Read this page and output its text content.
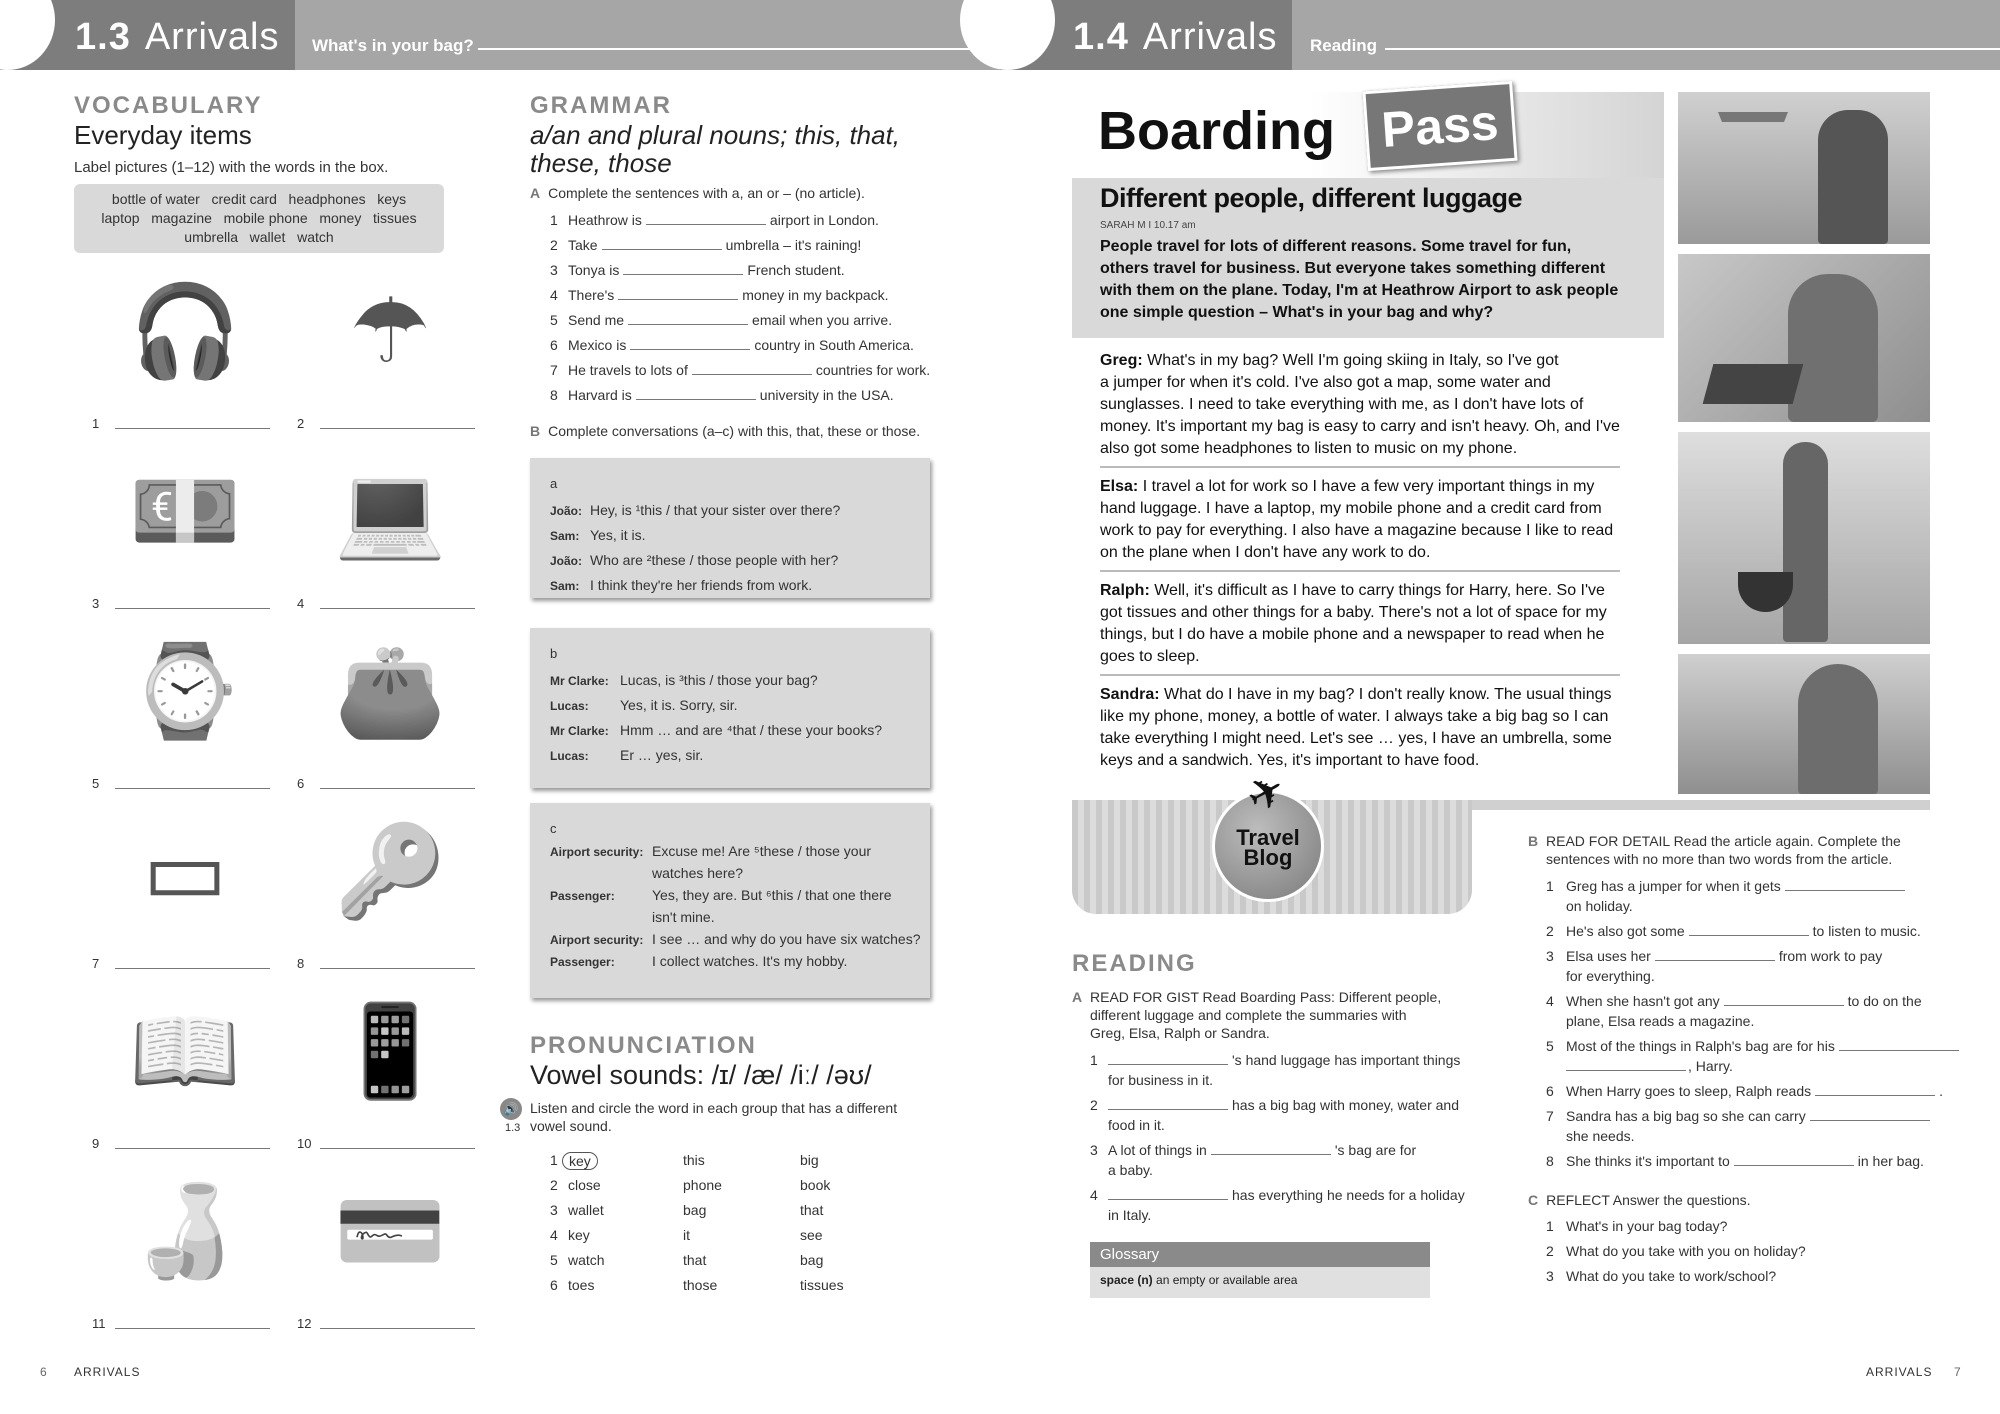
1.3 Arrivals What's in your bag?	1.4 Arrivals Reading
VOCABULARY
Everyday items
Label pictures (1–12) with the words in the box.
bottle of water   credit card   headphones   keys
laptop   magazine   mobile phone   money   tissues
umbrella   wallet   watch
GRAMMAR
a/an and plural nouns; this, that,
these, those
A Complete the sentences with a, an or – (no article).
B Complete conversations (a–c) with this, that, these or those.
a
João: Hey, is ¹this / that your sister over there?
Sam: Yes, it is.
João: Who are ²these / those people with her?
Sam: I think they're her friends from work.
b
Mr Clarke: Lucas, is ³this / those your bag?
Lucas: Yes, it is. Sorry, sir.
Mr Clarke: Hmm … and are ⁴that / these your books?
Lucas: Er … yes, sir.
c
Airport security: Excuse me! Are ⁵these / those your
watches here?
Passenger:	Yes, they are. But ⁶this / that one there
isn't mine.
Airport security: I see … and why do you have six watches?
Passenger:	I collect watches. It's my hobby.
PRONUNCIATION
Vowel sounds: /ɪ/ /æ/ /iː/ /əʊ/
🔊
1.3
Listen and circle the word in each group that has a different
vowel sound.
6 ARRIVALS
Boarding Pass
Different people, different luggage
SARAH M I 10.17 am
People travel for lots of different reasons. Some travel for fun,
others travel for business. But everyone takes something different
with them on the plane. Today, I'm at Heathrow Airport to ask people
one simple question – What's in your bag and why?
✈
Travel
Blog
READING
A READ FOR GIST Read Boarding Pass: Different people,
different luggage and complete the summaries with
Greg, Elsa, Ralph or Sandra.
Glossary
space (n) an empty or available area
B READ FOR DETAIL Read the article again. Complete the
sentences with no more than two words from the article.
C REFLECT Answer the questions.
ARRIVALS 7
🎧
1
☂
2
💶
3
💻
4
⌚
5
👛
6
▭
7
🔑
8
📖
9
📱
10
🍶
11
💳
12
1 Heathrow is	airport in London.
2 Take	umbrella – it's raining!
3 Tonya is	French student.
4 There's	money in my backpack.
5 Send me	email when you arrive.
6 Mexico is	country in South America.
7 He travels to lots of	countries for work.
8 Harvard is	university in the USA.
1 key	this	big
2 close	phone	book
3 wallet	bag	that
4 key	it	see
5 watch	that	bag
6 toes	those	tissues
Greg: What's in my bag? Well I'm going skiing in Italy, so I've got
a jumper for when it's cold. I've also got a map, some water and
sunglasses. I need to take everything with me, as I don't have lots of
money. It's important my bag is easy to carry and isn't heavy. Oh, and I've
also got some headphones to listen to music on my phone.
Elsa: I travel a lot for work so I have a few very important things in my
hand luggage. I have a laptop, my mobile phone and a credit card from
work to pay for everything. I also have a magazine because I like to read
on the plane when I don't have any work to do.
Ralph: Well, it's difficult as I have to carry things for Harry, here. So I've
got tissues and other things for a baby. There's not a lot of space for my
things, but I do have a mobile phone and a newspaper to read when he
goes to sleep.
Sandra: What do I have in my bag? I don't really know. The usual things
like my phone, money, a bottle of water. I always take a big bag so I can
take everything I might need. Let's see … yes, I have an umbrella, some
keys and a sandwich. Yes, it's important to have food.
1	's hand luggage has important things
for business in it.
2	has a big bag with money, water and
food in it.
3 A lot of things in	's bag are for
a baby.
4	has everything he needs for a holiday
in Italy.
1 Greg has a jumper for when it gets
on holiday.
2 He's also got some	to listen to music.
3 Elsa uses her	from work to pay
for everything.
4 When she hasn't got any	to do on the
plane, Elsa reads a magazine.
5 Most of the things in Ralph's bag are for his
, Harry.
6 When Harry goes to sleep, Ralph reads	.
7 Sandra has a big bag so she can carry
she needs.
8 She thinks it's important to	in her bag.
1 What's in your bag today?
2 What do you take with you on holiday?
3 What do you take to work/school?
